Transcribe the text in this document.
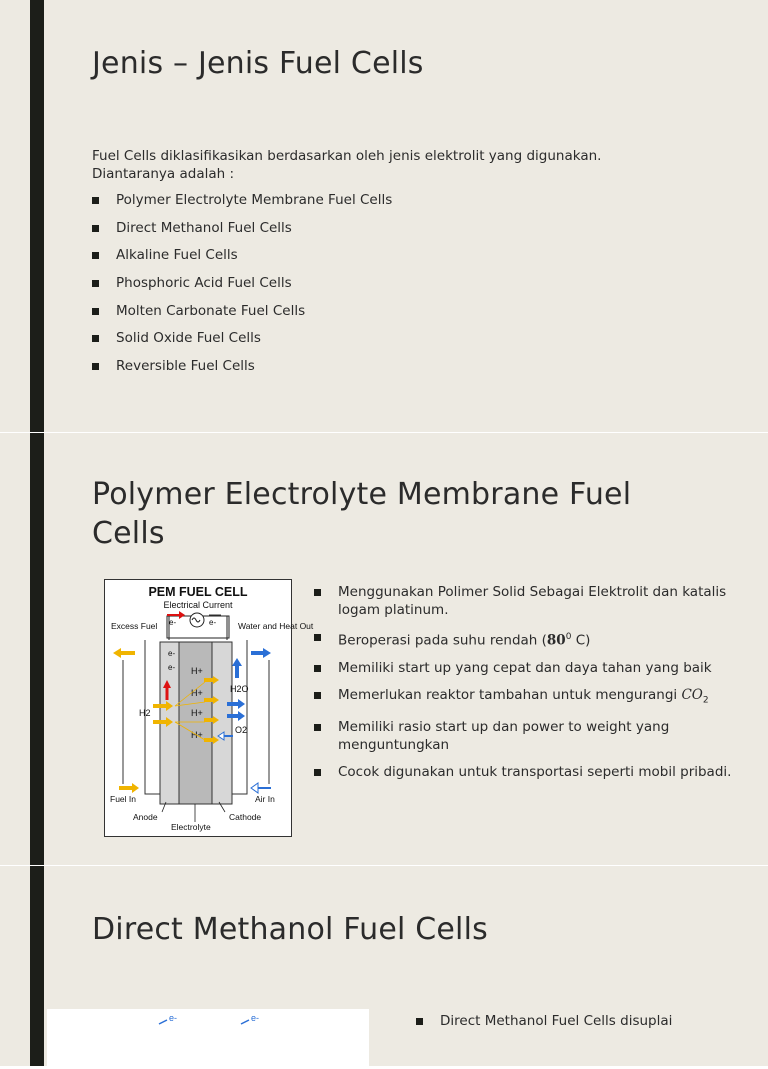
Jenis – Jenis Fuel Cells
Fuel Cells diklasifikasikan berdasarkan oleh jenis elektrolit yang digunakan.
Diantaranya adalah :
Polymer Electrolyte Membrane Fuel Cells
Direct Methanol Fuel Cells
Alkaline Fuel Cells
Phosphoric Acid Fuel Cells
Molten Carbonate Fuel Cells
Solid Oxide Fuel Cells
Reversible Fuel Cells
Polymer Electrolyte Membrane Fuel Cells
PEM FUEL CELL
Electrical Current
e-	e-
Excess Fuel	Water and Heat Out
e-
e-
H2
H+
H+
H+
H+
H2O
O2
Fuel In	Air In
Anode	Cathode
Electrolyte
Menggunakan Polimer Solid Sebagai Elektrolit dan katalis logam platinum.
Beroperasi pada suhu rendah ($80^0$ C)
Memiliki start up yang cepat dan daya tahan yang baik
Memerlukan reaktor tambahan untuk mengurangi $CO_2$
Memiliki rasio start up dan power to weight yang menguntungkan
Cocok digunakan untuk transportasi seperti mobil pribadi.
Direct Methanol Fuel Cells
e-	e-	Direct Methanol Fuel Cells disuplai
